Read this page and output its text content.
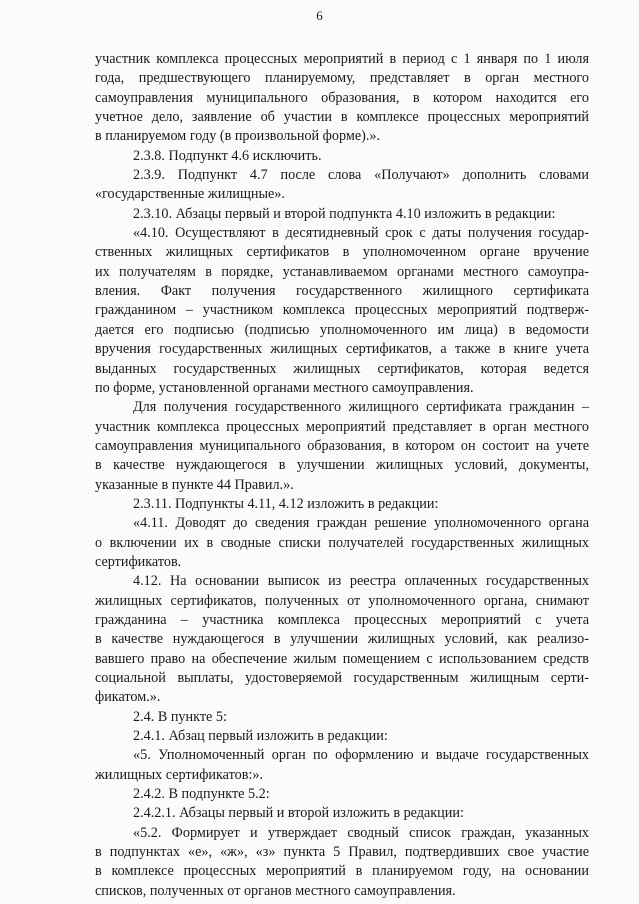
6
участник комплекса процессных мероприятий в период с 1 января по 1 июля
года, предшествующего планируемому, представляет в орган местного
самоуправления муниципального образования, в котором находится его
учетное дело, заявление об участии в комплексе процессных мероприятий
в планируемом году (в произвольной форме).».
2.3.8. Подпункт 4.6 исключить.
2.3.9. Подпункт 4.7 после слова «Получают» дополнить словами
«государственные жилищные».
2.3.10. Абзацы первый и второй подпункта 4.10 изложить в редакции:
«4.10. Осуществляют в десятидневный срок с даты получения государ-
ственных жилищных сертификатов в уполномоченном органе вручение
их получателям в порядке, устанавливаемом органами местного самоупра-
вления. Факт получения государственного жилищного сертификата
гражданином – участником комплекса процессных мероприятий подтверж-
дается его подписью (подписью уполномоченного им лица) в ведомости
вручения государственных жилищных сертификатов, а также в книге учета
выданных государственных жилищных сертификатов, которая ведется
по форме, установленной органами местного самоуправления.
Для получения государственного жилищного сертификата гражданин –
участник комплекса процессных мероприятий представляет в орган местного
самоуправления муниципального образования, в котором он состоит на учете
в качестве нуждающегося в улучшении жилищных условий, документы,
указанные в пункте 44 Правил.».
2.3.11. Подпункты 4.11, 4.12 изложить в редакции:
«4.11. Доводят до сведения граждан решение уполномоченного органа
о включении их в сводные списки получателей государственных жилищных
сертификатов.
4.12. На основании выписок из реестра оплаченных государственных
жилищных сертификатов, полученных от уполномоченного органа, снимают
гражданина – участника комплекса процессных мероприятий с учета
в качестве нуждающегося в улучшении жилищных условий, как реализо-
вавшего право на обеспечение жилым помещением с использованием средств
социальной выплаты, удостоверяемой государственным жилищным серти-
фикатом.».
2.4. В пункте 5:
2.4.1. Абзац первый изложить в редакции:
«5. Уполномоченный орган по оформлению и выдаче государственных
жилищных сертификатов:».
2.4.2. В подпункте 5.2:
2.4.2.1. Абзацы первый и второй изложить в редакции:
«5.2. Формирует и утверждает сводный список граждан, указанных
в подпунктах «е», «ж», «з» пункта 5 Правил, подтвердивших свое участие
в комплексе процессных мероприятий в планируемом году, на основании
списков, полученных от органов местного самоуправления.
